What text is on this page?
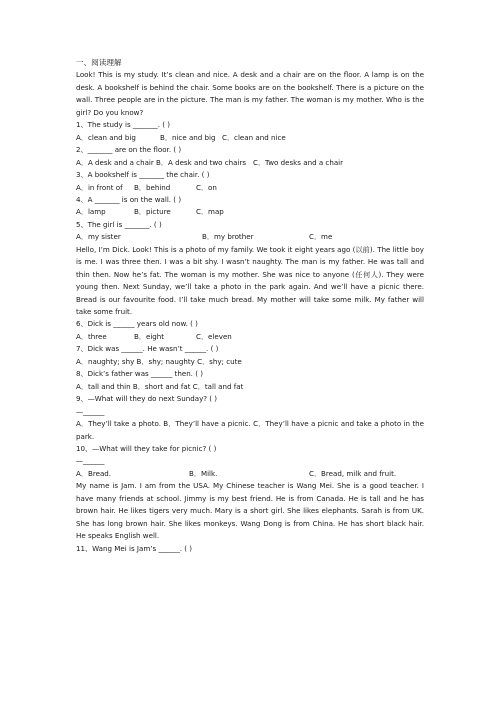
一、阅读理解

Look! This is my study. It’s clean and nice. A desk and a chair are on the floor. A lamp is on the desk. A bookshelf is behind the chair. Some books are on the bookshelf. There is a picture on the wall. Three people are in the picture. The man is my father. The woman is my mother. Who is the girl? Do you know?

1、The study is _______. ( )

A．clean and big	B．nice and big C．clean and nice

2、_______ are on the floor. ( )

A．A desk and a chair B．A desk and two chairs C．Two desks and a chair

3、A bookshelf is _______ the chair. ( )

A．in front of B．behind	C．on

4、A _______ is on the wall. ( )

A．lamp	B．picture	C．map

5、The girl is _______. ( )

A．my sister	B．my brother	C．me

Hello, I’m Dick. Look! This is a photo of my family. We took it eight years ago (以前). The little boy is me. I was three then. I was a bit shy. I wasn’t naughty. The man is my father. He was tall and thin then. Now he’s fat. The woman is my mother. She was nice to anyone (任何人). They were young then. Next Sunday, we’ll take a photo in the park again. And we’ll have a picnic there. Bread is our favourite food. I’ll take much bread. My mother will take some milk. My father will take some fruit.

6、Dick is ______ years old now. ( )

A．three	B．eight	C．eleven

7、Dick was ______. He wasn’t ______. ( )

A．naughty; shy B．shy; naughty C．shy; cute

8、Dick’s father was ______ then. ( )

A．tall and thin B．short and fat C．tall and fat

9、—What will they do next Sunday? ( )

—______

A．They’ll take a photo. B．They’ll have a picnic. C．They’ll have a picnic and take a photo in the park.

10、—What will they take for picnic? ( )

—______

A．Bread.	B．Milk.	C．Bread, milk and fruit.

My name is Jam. I am from the USA. My Chinese teacher is Wang Mei. She is a good teacher. I have many friends at school. Jimmy is my best friend. He is from Canada. He is tall and he has brown hair. He likes tigers very much. Mary is a short girl. She likes elephants. Sarah is from UK. She has long brown hair. She likes monkeys. Wang Dong is from China. He has short black hair. He speaks English well.

11、Wang Mei is Jam’s ______. ( )
